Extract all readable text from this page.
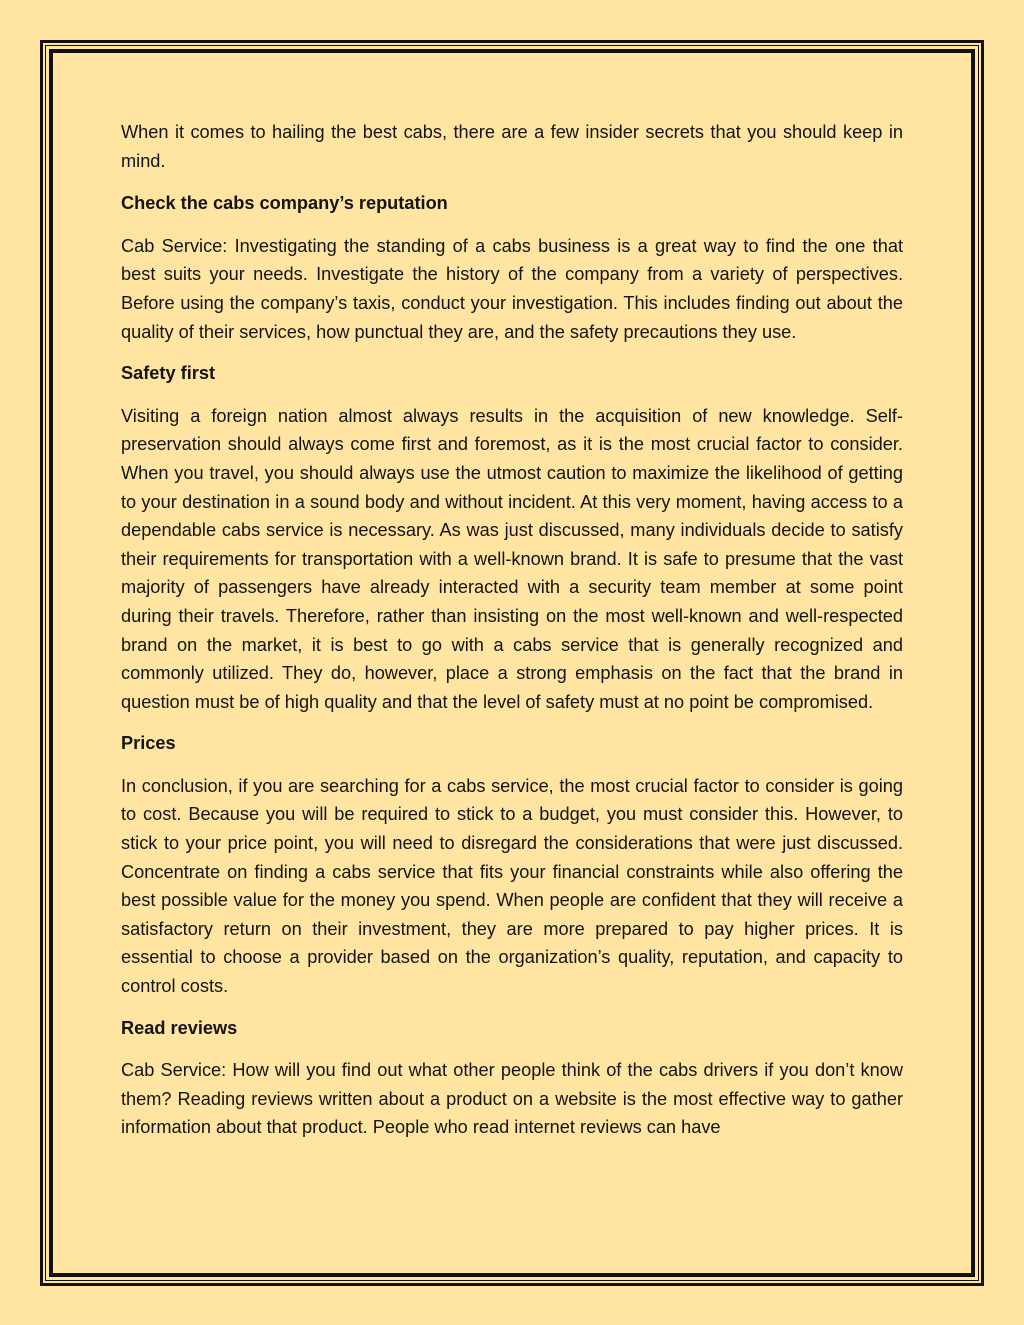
When it comes to hailing the best cabs, there are a few insider secrets that you should keep in mind.

Check the cabs company’s reputation

Cab Service: Investigating the standing of a cabs business is a great way to find the one that best suits your needs. Investigate the history of the company from a variety of perspectives. Before using the company’s taxis, conduct your investigation. This includes finding out about the quality of their services, how punctual they are, and the safety precautions they use.

Safety first

Visiting a foreign nation almost always results in the acquisition of new knowledge. Self-preservation should always come first and foremost, as it is the most crucial factor to consider. When you travel, you should always use the utmost caution to maximize the likelihood of getting to your destination in a sound body and without incident. At this very moment, having access to a dependable cabs service is necessary. As was just discussed, many individuals decide to satisfy their requirements for transportation with a well-known brand. It is safe to presume that the vast majority of passengers have already interacted with a security team member at some point during their travels. Therefore, rather than insisting on the most well-known and well-respected brand on the market, it is best to go with a cabs service that is generally recognized and commonly utilized. They do, however, place a strong emphasis on the fact that the brand in question must be of high quality and that the level of safety must at no point be compromised.

Prices

In conclusion, if you are searching for a cabs service, the most crucial factor to consider is going to cost. Because you will be required to stick to a budget, you must consider this. However, to stick to your price point, you will need to disregard the considerations that were just discussed. Concentrate on finding a cabs service that fits your financial constraints while also offering the best possible value for the money you spend. When people are confident that they will receive a satisfactory return on their investment, they are more prepared to pay higher prices. It is essential to choose a provider based on the organization’s quality, reputation, and capacity to control costs.

Read reviews

Cab Service: How will you find out what other people think of the cabs drivers if you don’t know them? Reading reviews written about a product on a website is the most effective way to gather information about that product. People who read internet reviews can have
